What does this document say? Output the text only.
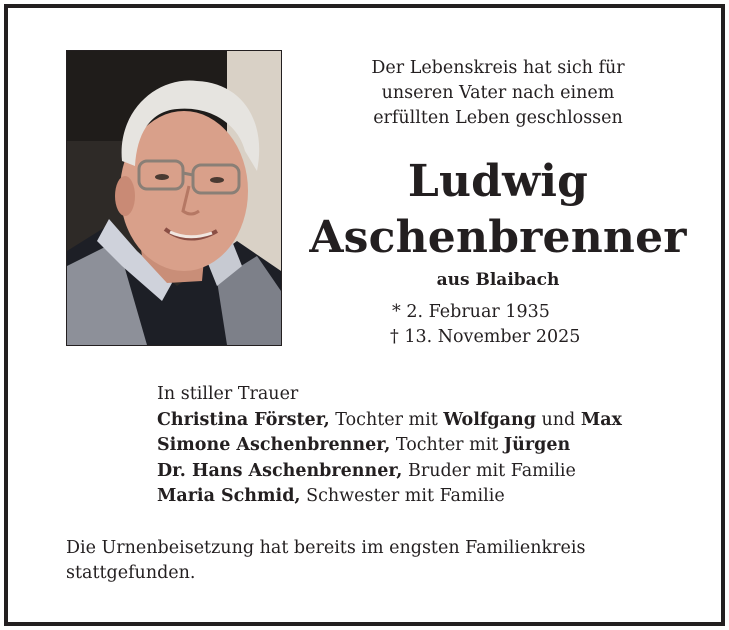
Der Lebenskreis hat sich für
unseren Vater nach einem
erfüllten Leben geschlossen
Ludwig
Aschenbrenner
aus Blaibach
* 2. Februar 1935
† 13. November 2025
In stiller Trauer
Christina Förster, Tochter mit Wolfgang und Max
Simone Aschenbrenner, Tochter mit Jürgen
Dr. Hans Aschenbrenner, Bruder mit Familie
Maria Schmid, Schwester mit Familie
Die Urnenbeisetzung hat bereits im engsten Familienkreis stattgefunden.
